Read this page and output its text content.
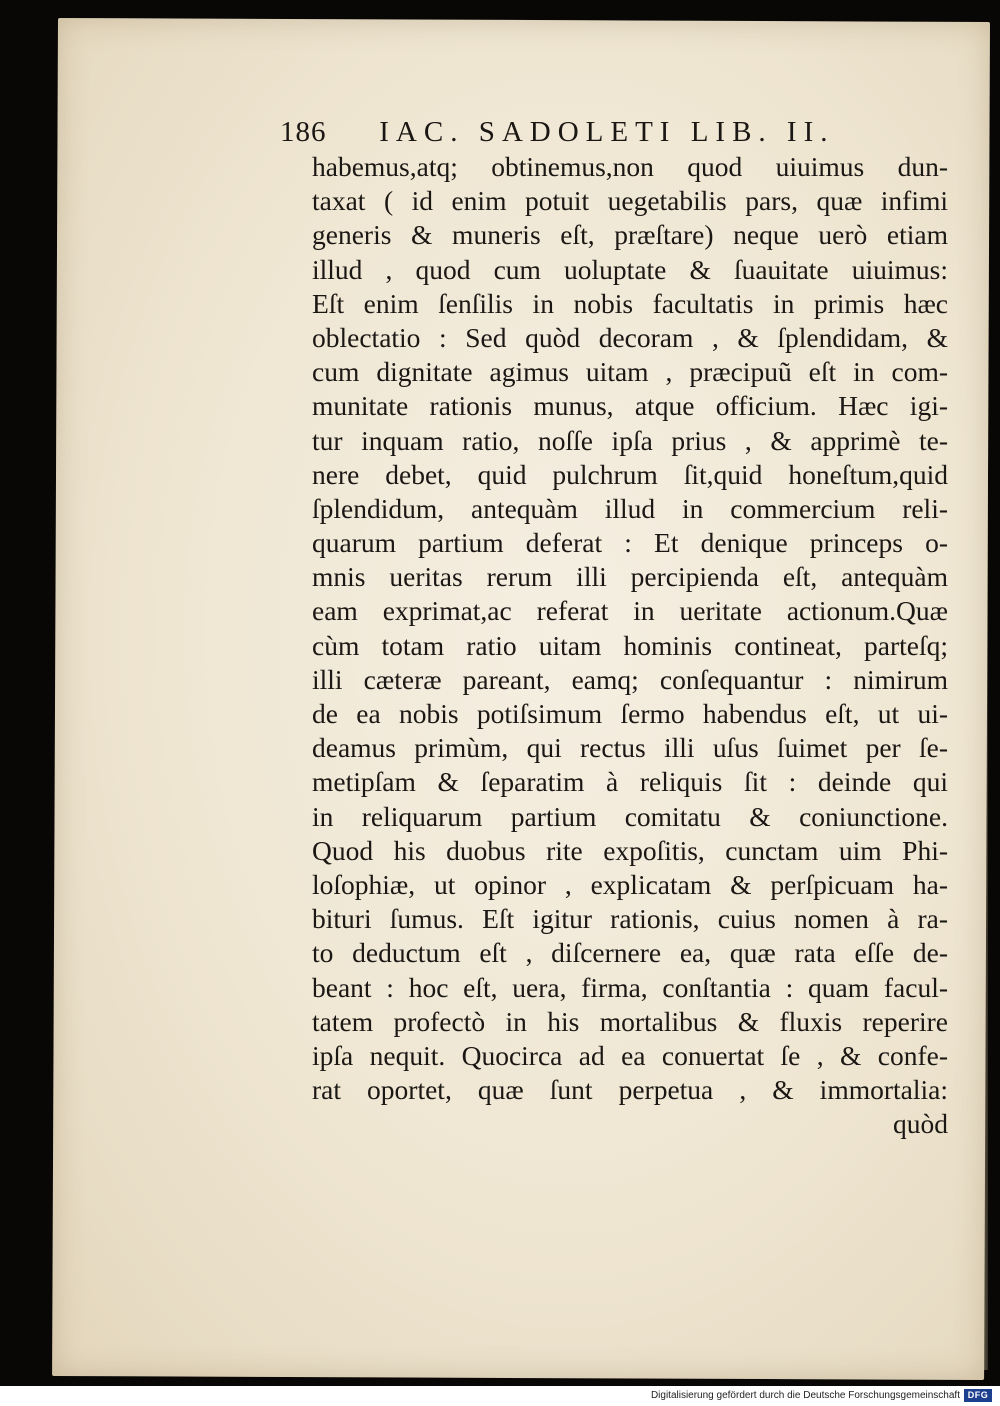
186 IAC. SADOLETI LIB. II.
habemus,atq; obtinemus,non quod uiuimus dun-
taxat ( id enim potuit uegetabilis pars, quæ infimi
generis & muneris eſt, præſtare) neque uerò etiam
illud , quod cum uoluptate & ſuauitate uiuimus:
Eſt enim ſenſilis in nobis facultatis in primis hæc
oblectatio : Sed quòd decoram , & ſplendidam, &
cum dignitate agimus uitam , præcipuũ eſt in com-
munitate rationis munus, atque officium. Hæc igi-
tur inquam ratio, noſſe ipſa prius , & apprimè te-
nere debet, quid pulchrum ſit,quid honeſtum,quid
ſplendidum, antequàm illud in commercium reli-
quarum partium deferat : Et denique princeps o-
mnis ueritas rerum illi percipienda eſt, antequàm
eam exprimat,ac referat in ueritate actionum.Quæ
cùm totam ratio uitam hominis contineat, parteſq;
illi cæteræ pareant, eamq; conſequantur : nimirum
de ea nobis potiſsimum ſermo habendus eſt, ut ui-
deamus primùm, qui rectus illi uſus ſuimet per ſe-
metipſam & ſeparatim à reliquis ſit : deinde qui
in reliquarum partium comitatu & coniunctione.
Quod his duobus rite expoſitis, cunctam uim Phi-
loſophiæ, ut opinor , explicatam & perſpicuam ha-
bituri ſumus. Eſt igitur rationis, cuius nomen à ra-
to deductum eſt , diſcernere ea, quæ rata eſſe de-
beant : hoc eſt, uera, firma, conſtantia : quam facul-
tatem profectò in his mortalibus & fluxis reperire
ipſa nequit. Quocirca ad ea conuertat ſe , & confe-
rat oportet, quæ ſunt perpetua , & immortalia:
quòd
Digitalisierung gefördert durch die Deutsche Forschungsgemeinschaft DFG
